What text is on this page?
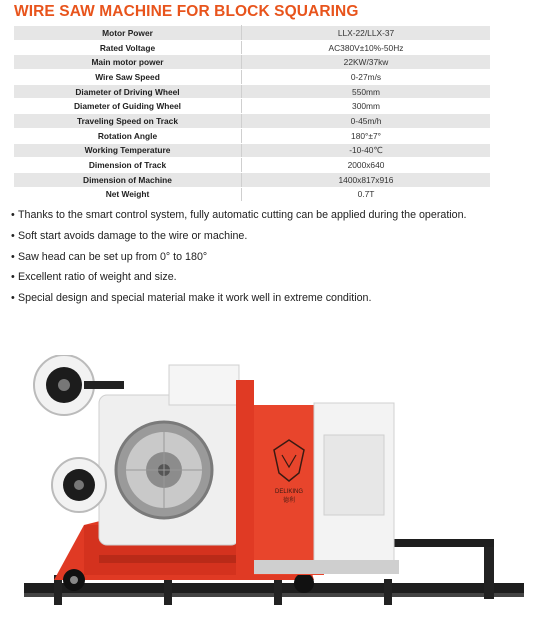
WIRE SAW MACHINE FOR BLOCK SQUARING
Motor Power	LLX-22/LLX-37
Rated Voltage	AC380V±10%-50Hz
Main motor power	22KW/37kw
Wire Saw Speed	0-27m/s
Diameter of Driving Wheel	550mm
Diameter of Guiding Wheel	300mm
Traveling Speed on Track	0-45m/h
Rotation Angle	180°±7°
Working Temperature	-10-40℃
Dimension of Track	2000x640
Dimension of Machine	1400x817x916
Net Weight	0.7T
• Thanks to the smart control system, fully automatic cutting can be applied during the operation.
• Soft start avoids damage to the wire or machine.
• Saw head can be set up from 0° to 180°
• Excellent ratio of weight and size.
• Special design and special material make it work well in extreme condition.
DELIKING
德利
